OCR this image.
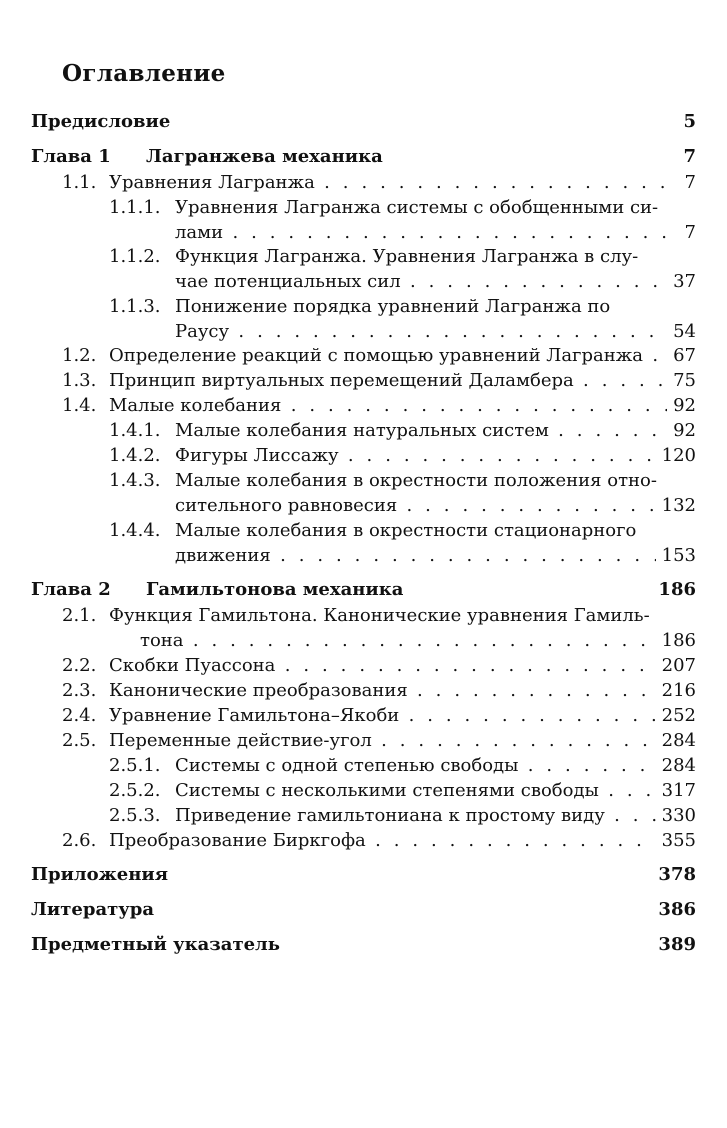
Оглавление
Предисловие	5
Глава 1 Лагранжева механика	7
1.1. Уравнения Лагранжа . . .	7
1.1.1. Уравнения Лагранжа системы с обобщенными си-
лами . . .	7
1.1.2. Функция Лагранжа. Уравнения Лагранжа в слу-
чае потенциальных сил . . .	37
1.1.3. Понижение порядка уравнений Лагранжа по
Раусу . . .	54
1.2. Определение реакций с помощью уравнений Лагранжа . . .	67
1.3. Принцип виртуальных перемещений Даламбера . . .	75
1.4. Малые колебания . . .	92
1.4.1. Малые колебания натуральных систем . . .	92
1.4.2. Фигуры Лиссажу . . .	120
1.4.3. Малые колебания в окрестности положения отно-
сительного равновесия . . .	132
1.4.4. Малые колебания в окрестности стационарного
движения . . .	153
Глава 2 Гамильтонова механика	186
2.1. Функция Гамильтона. Канонические уравнения Гамиль-
тона . . .	186
2.2. Скобки Пуассона . . .	207
2.3. Канонические преобразования . . .	216
2.4. Уравнение Гамильтона–Якоби . . .	252
2.5. Переменные действие-угол . . .	284
2.5.1. Системы с одной степенью свободы . . .	284
2.5.2. Системы с несколькими степенями свободы . . .	317
2.5.3. Приведение гамильтониана к простому виду . . .	330
2.6. Преобразование Биркгофа . . .	355
Приложения	378
Литература	386
Предметный указатель	389
